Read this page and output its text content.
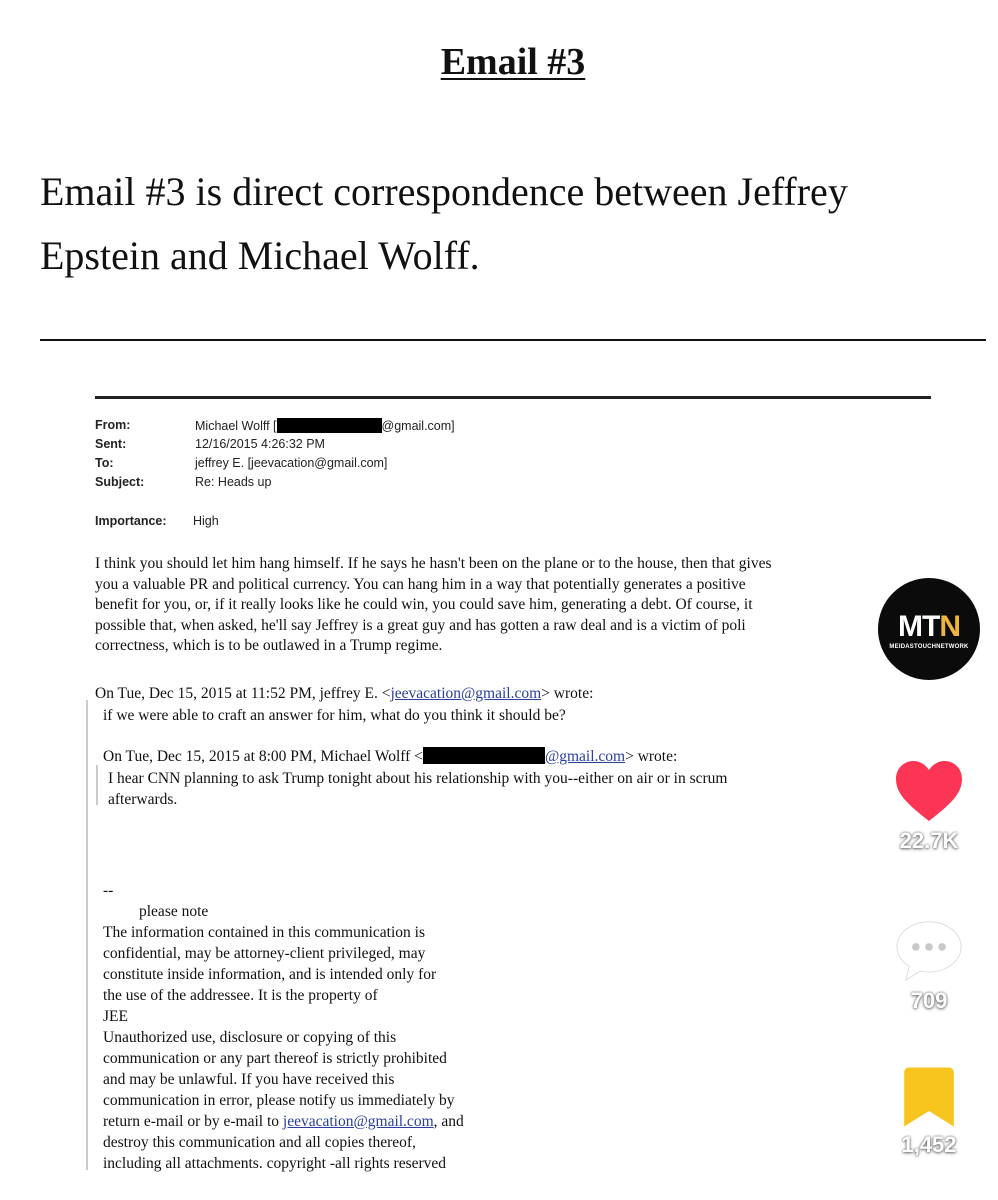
Email #3
Email #3 is direct correspondence between Jeffrey
Epstein and Michael Wolff.
From:	Michael Wolff [	@gmail.com]
Sent:	12/16/2015 4:26:32 PM
To:	jeffrey E. [jeevacation@gmail.com]
Subject:	Re: Heads up
Importance: High
I think you should let him hang himself. If he says he hasn't been on the plane or to the house, then that gives
you a valuable PR and political currency. You can hang him in a way that potentially generates a positive
benefit for you, or, if it really looks like he could win, you could save him, generating a debt. Of course, it
possible that, when asked, he'll say Jeffrey is a great guy and has gotten a raw deal and is a victim of poli
correctness, which is to be outlawed in a Trump regime.
On Tue, Dec 15, 2015 at 11:52 PM, jeffrey E. <jeevacation@gmail.com> wrote:
if we were able to craft an answer for him, what do you think it should be?
On Tue, Dec 15, 2015 at 8:00 PM, Michael Wolff <	@gmail.com> wrote:
I hear CNN planning to ask Trump tonight about his relationship with you--either on air or in scrum
afterwards.
--
please note
The information contained in this communication is
confidential, may be attorney-client privileged, may
constitute inside information, and is intended only for
the use of the addressee. It is the property of
JEE
Unauthorized use, disclosure or copying of this
communication or any part thereof is strictly prohibited
and may be unlawful. If you have received this
communication in error, please notify us immediately by
return e-mail or by e-mail to jeevacation@gmail.com, and
destroy this communication and all copies thereof,
including all attachments. copyright -all rights reserved
MTN
MEIDASTOUCHNETWORK
22.7K
709
1,452
